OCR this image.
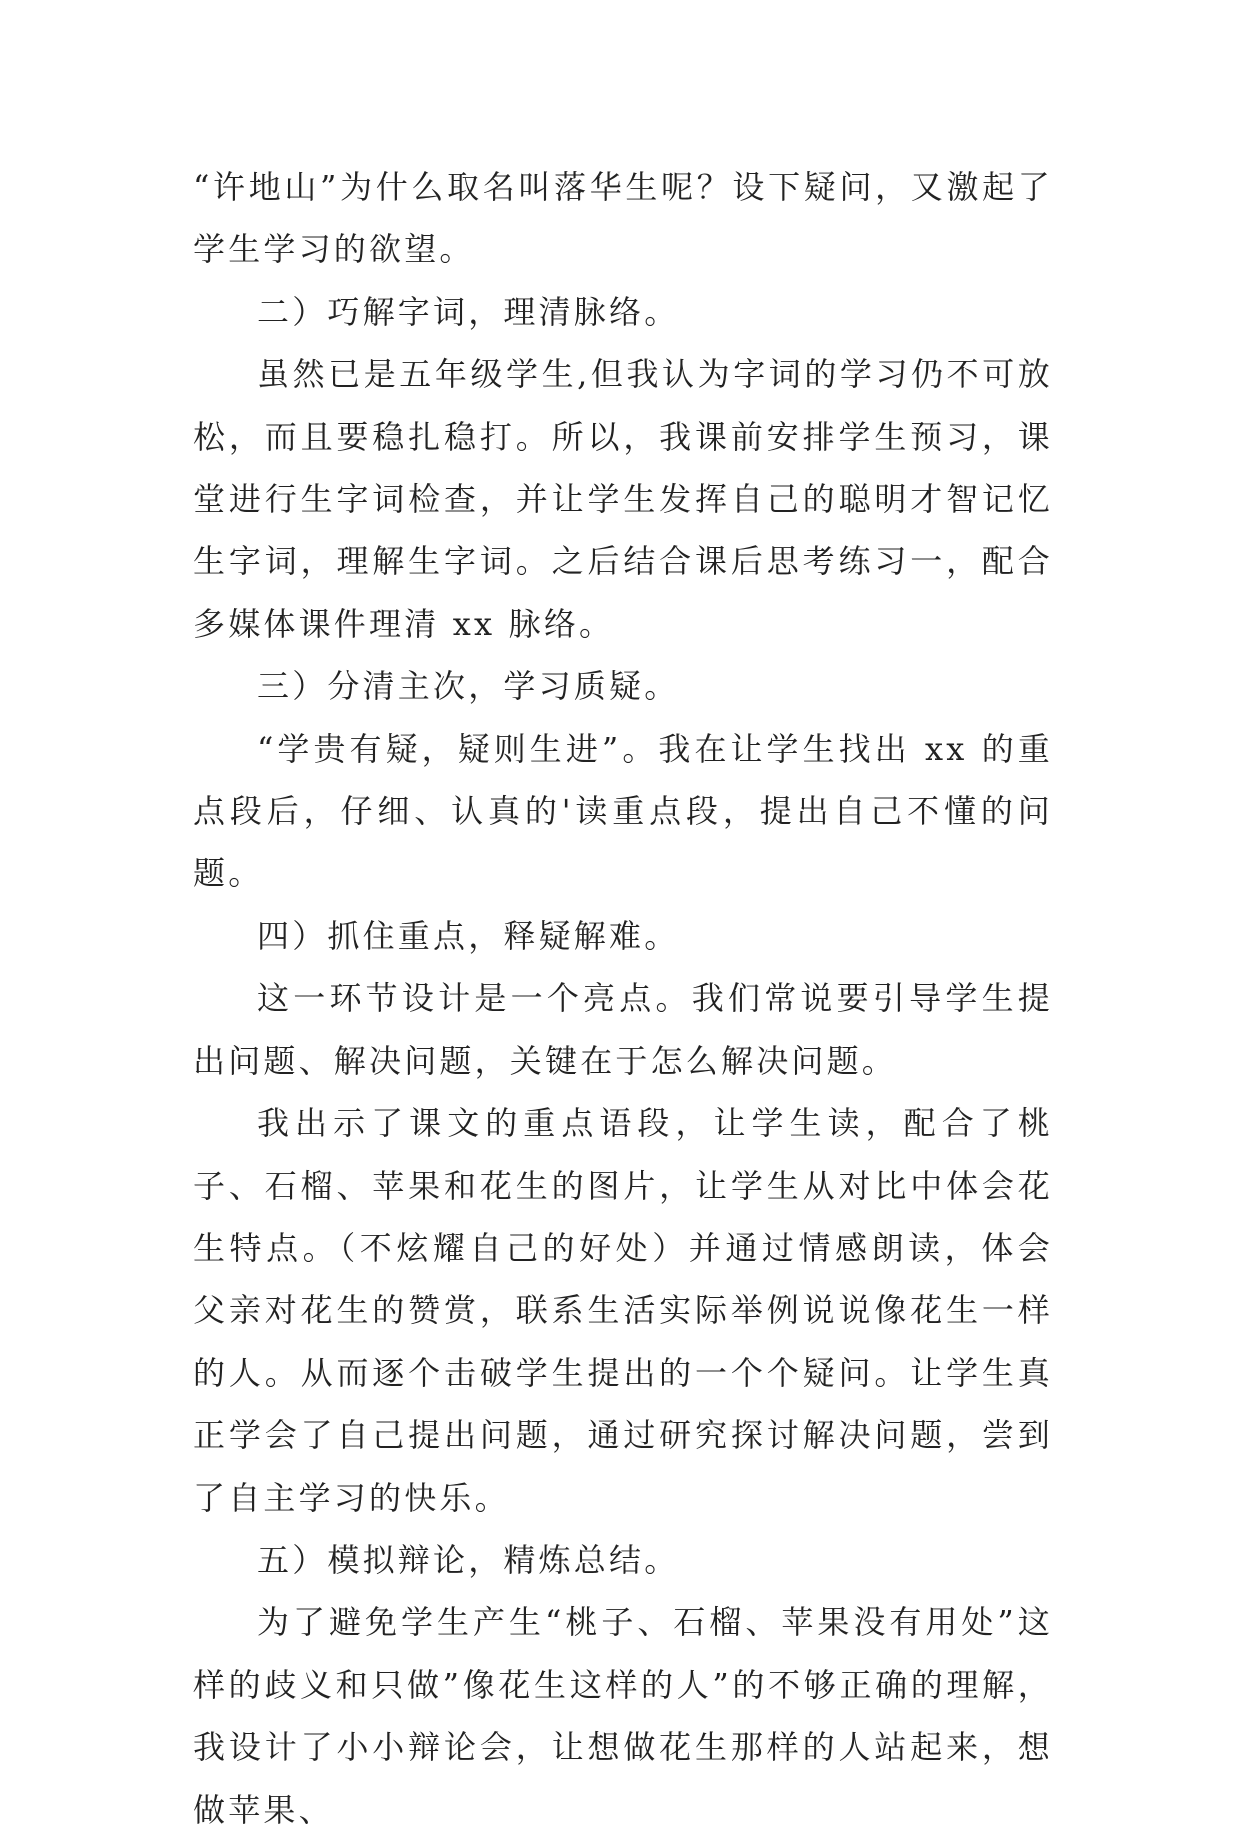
“许地山”为什么取名叫落华生呢？设下疑问，又激起了学生学习的欲望。

二）巧解字词，理清脉络。

虽然已是五年级学生,但我认为字词的学习仍不可放松，而且要稳扎稳打。所以，我课前安排学生预习，课堂进行生字词检查，并让学生发挥自己的聪明才智记忆生字词，理解生字词。之后结合课后思考练习一，配合多媒体课件理清 xx 脉络。

三）分清主次，学习质疑。

“学贵有疑，疑则生进”。我在让学生找出 xx 的重点段后，仔细、认真的'读重点段，提出自己不懂的问题。

四）抓住重点，释疑解难。

这一环节设计是一个亮点。我们常说要引导学生提出问题、解决问题，关键在于怎么解决问题。

我出示了课文的重点语段，让学生读，配合了桃子、石榴、苹果和花生的图片，让学生从对比中体会花生特点。（不炫耀自己的好处）并通过情感朗读，体会父亲对花生的赞赏，联系生活实际举例说说像花生一样的人。从而逐个击破学生提出的一个个疑问。让学生真正学会了自己提出问题，通过研究探讨解决问题，尝到了自主学习的快乐。

五）模拟辩论，精炼总结。

为了避免学生产生“桃子、石榴、苹果没有用处”这样的歧义和只做”像花生这样的人”的不够正确的理解，我设计了小小辩论会，让想做花生那样的人站起来，想做苹果、
